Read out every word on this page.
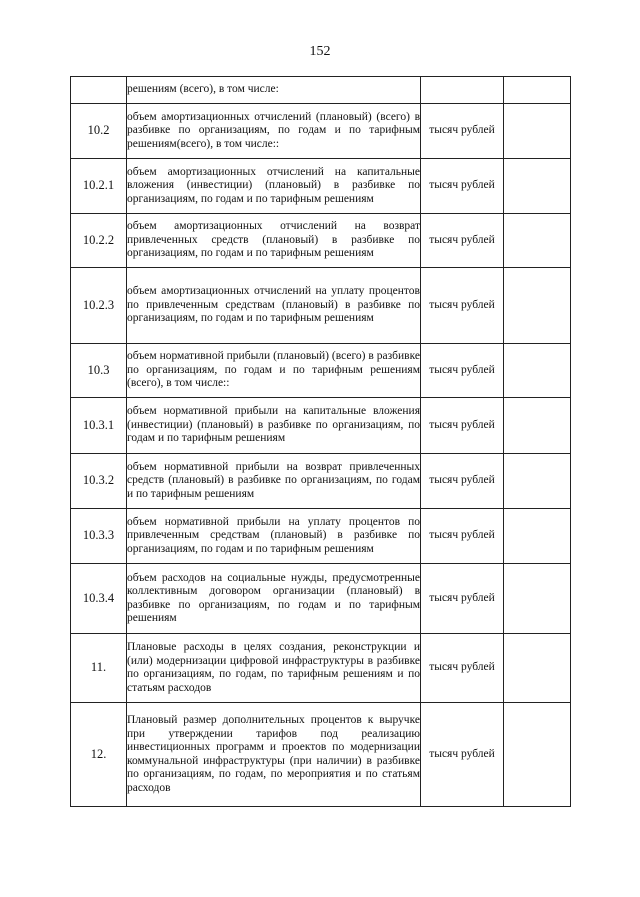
152
	решениям (всего), в том числе:		
10.2	объем амортизационных отчислений (плановый) (всего) в разбивке по организациям, по годам и по тарифным решениям(всего), в том числе::	тысяч рублей	
10.2.1	объем амортизационных отчислений на капитальные вложения (инвестиции) (плановый) в разбивке по организациям, по годам и по тарифным решениям	тысяч рублей	
10.2.2	объем амортизационных отчислений на возврат привлеченных средств (плановый) в разбивке по организациям, по годам и по тарифным решениям	тысяч рублей	
10.2.3	объем амортизационных отчислений на уплату процентов по привлеченным средствам (плановый) в разбивке по организациям, по годам и по тарифным решениям	тысяч рублей	
10.3	объем нормативной прибыли (плановый) (всего) в разбивке по организациям, по годам и по тарифным решениям (всего), в том числе::	тысяч рублей	
10.3.1	объем нормативной прибыли на капитальные вложения (инвестиции) (плановый) в разбивке по организациям, по годам и по тарифным решениям	тысяч рублей	
10.3.2	объем нормативной прибыли на возврат привлеченных средств (плановый) в разбивке по организациям, по годам и по тарифным решениям	тысяч рублей	
10.3.3	объем нормативной прибыли на уплату процентов по привлеченным средствам (плановый) в разбивке по организациям, по годам и по тарифным решениям	тысяч рублей	
10.3.4	объем расходов на социальные нужды, предусмотренные коллективным договором организации (плановый) в разбивке по организациям, по годам и по тарифным решениям	тысяч рублей	
11.	Плановые расходы в целях создания, реконструкции и (или) модернизации цифровой инфраструктуры в разбивке по организациям, по годам, по тарифным решениям и по статьям расходов	тысяч рублей	
12.	Плановый размер дополнительных процентов к выручке при утверждении тарифов под реализацию инвестиционных программ и проектов по модернизации коммунальной инфраструктуры (при наличии) в разбивке по организациям, по годам, по мероприятия и по статьям расходов	тысяч рублей	
